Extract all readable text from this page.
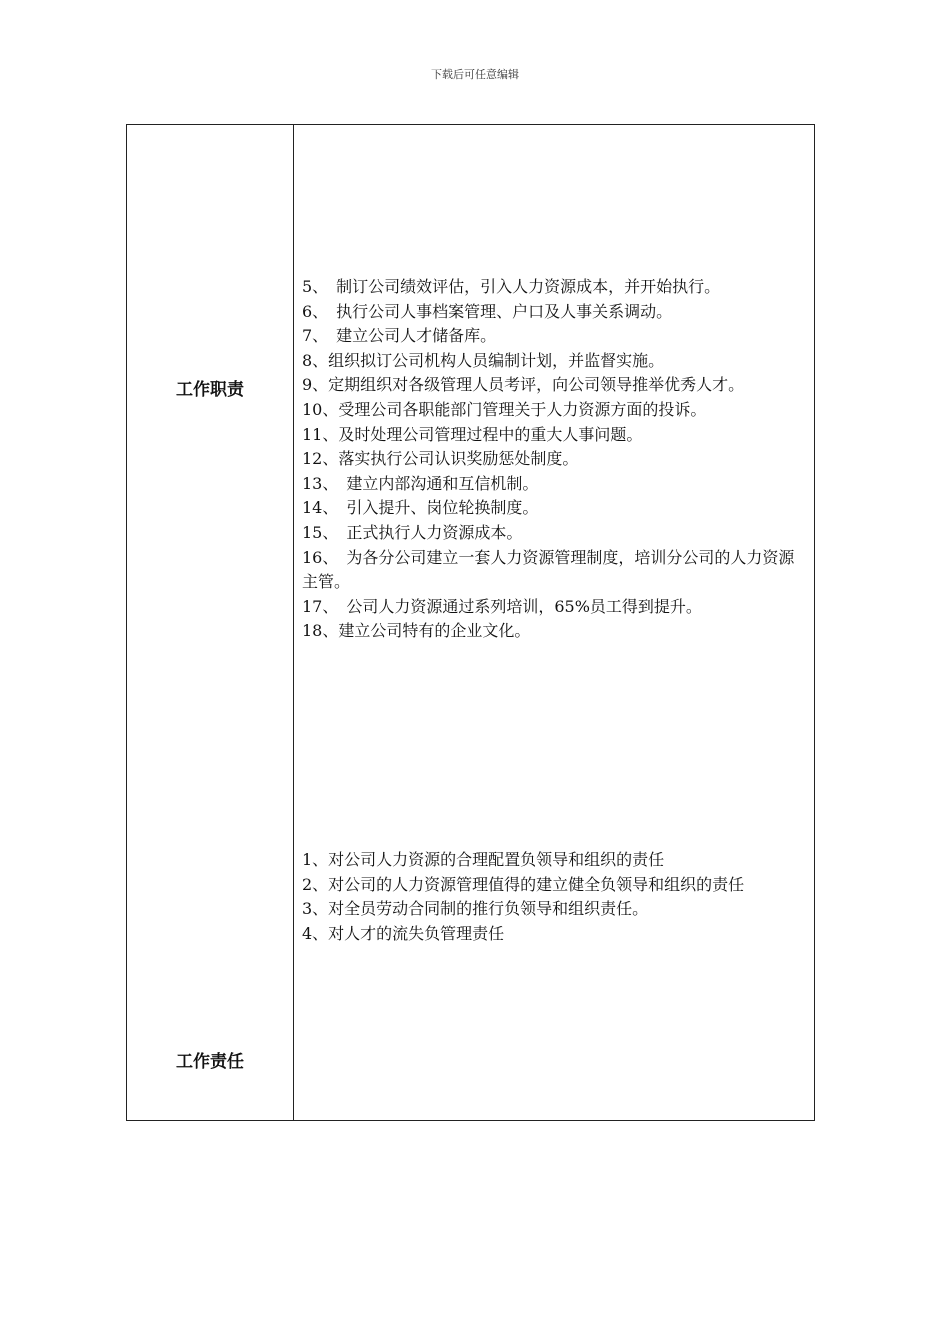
下载后可任意编辑
工作职责
5、　制订公司绩效评估，引入人力资源成本，并开始执行。
6、　执行公司人事档案管理、户口及人事关系调动。
7、　建立公司人才储备库。
8、组织拟订公司机构人员编制计划，并监督实施。
9、定期组织对各级管理人员考评，向公司领导推举优秀人才。
10、受理公司各职能部门管理关于人力资源方面的投诉。
11、及时处理公司管理过程中的重大人事问题。
12、落实执行公司认识奖励惩处制度。
13、　建立内部沟通和互信机制。
14、　引入提升、岗位轮换制度。
15、　正式执行人力资源成本。
16、　为各分公司建立一套人力资源管理制度，培训分公司的人力资源主管。
17、　公司人力资源通过系列培训，65%员工得到提升。
18、建立公司特有的企业文化。
工作责任
1、对公司人力资源的合理配置负领导和组织的责任
2、对公司的人力资源管理值得的建立健全负领导和组织的责任
3、对全员劳动合同制的推行负领导和组织责任。
4、对人才的流失负管理责任
